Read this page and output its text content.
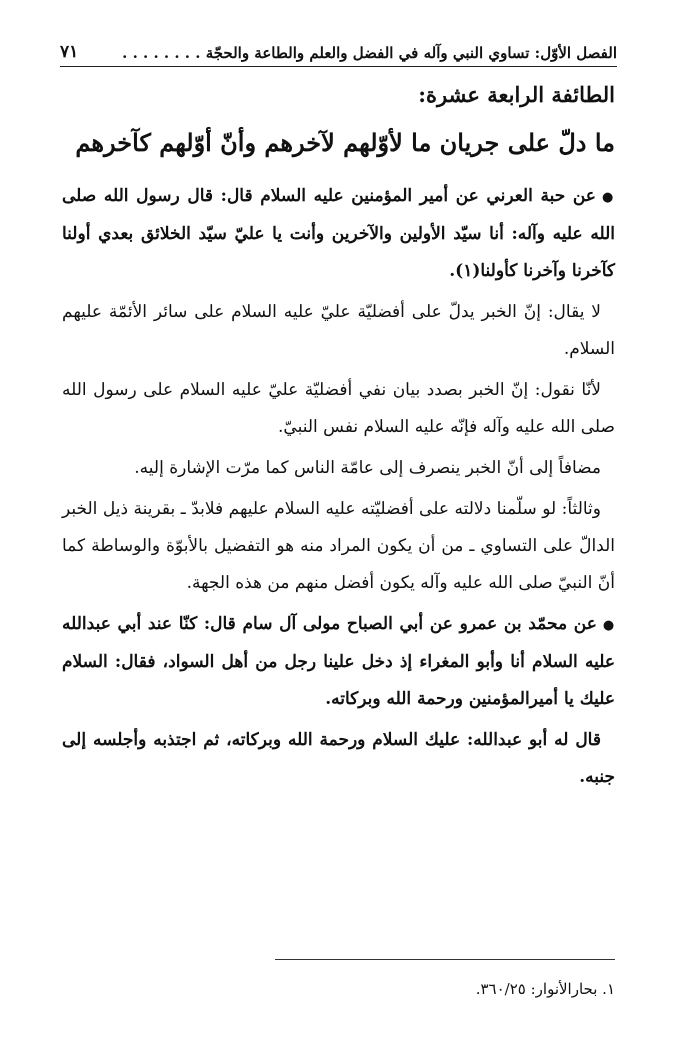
الفصل الأوّل: تساوي النبي وآله في الفضل والعلم والطاعة والحجّة . . . . . . . .
٧١
الطائفة الرابعة عشرة:
ما دلّ على جريان ما لأوّلهم لآخرهم وأنّ أوّلهم كآخرهم

●عن حبة العرني عن أمير المؤمنين عليه السلام قال: قال رسول الله صلى الله عليه وآله: أنا سيّد الأولين والآخرين وأنت يا عليّ سيّد الخلائق بعدي أولنا كآخرنا وآخرنا كأولنا(١).

لا يقال: إنّ الخبر يدلّ على أفضليّة عليّ عليه السلام على سائر الأئمّة عليهم السلام.

لأنّا نقول: إنّ الخبر بصدد بيان نفي أفضليّة عليّ عليه السلام على رسول الله صلى الله عليه وآله فإنّه عليه السلام نفس النبيّ.

مضافاً إلى أنّ الخبر ينصرف إلى عامّة الناس كما مرّت الإشارة إليه.

وثالثاً: لو سلّمنا دلالته على أفضليّته عليه السلام عليهم فلابدّ ـ بقرينة ذيل الخبر الدالّ على التساوي ـ من أن يكون المراد منه هو التفضيل بالأبوّة والوساطة كما أنّ النبيّ صلى الله عليه وآله يكون أفضل منهم من هذه الجهة.

●عن محمّد بن عمرو عن أبي الصباح مولى آل سام قال: كنّا عند أبي عبدالله عليه السلام أنا وأبو المغراء إذ دخل علينا رجل من أهل السواد، فقال: السلام عليك يا أميرالمؤمنين ورحمة الله وبركاته.

قال له أبو عبدالله: عليك السلام ورحمة الله وبركاته، ثم اجتذبه وأجلسه إلى جنبه.

١. بحارالأنوار: ٣٦٠/٢٥.
